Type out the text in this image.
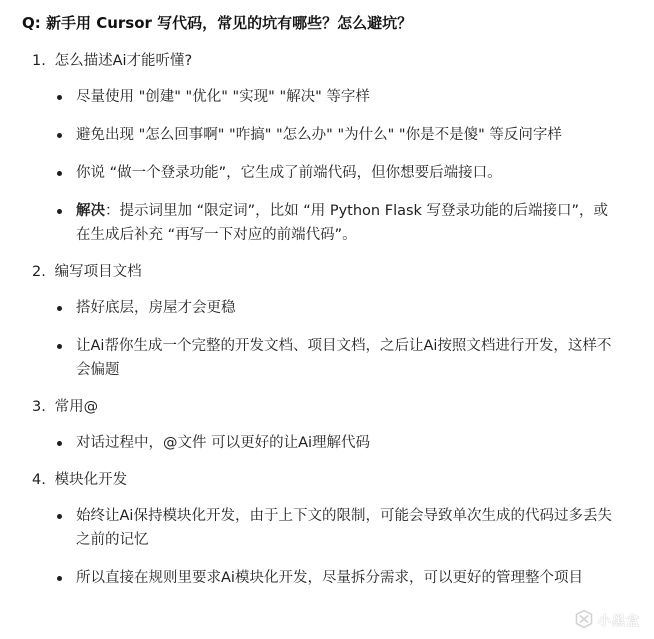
Q: 新手用 Cursor 写代码，常见的坑有哪些？怎么避坑？
1. 怎么描述Ai才能听懂?
尽量使用 "创建" "优化" "实现" "解决" 等字样
避免出现 "怎么回事啊" "咋搞" "怎么办" "为什么" "你是不是傻" 等反问字样
你说 “做一个登录功能”，它生成了前端代码，但你想要后端接口。
解决：提示词里加 “限定词”，比如 “用 Python Flask 写登录功能的后端接口”，或在生成后补充 “再写一下对应的前端代码”。
2. 编写项目文档
搭好底层，房屋才会更稳
让Ai帮你生成一个完整的开发文档、项目文档，之后让Ai按照文档进行开发，这样不会偏题
3. 常用@
对话过程中，@文件 可以更好的让Ai理解代码
4. 模块化开发
始终让Ai保持模块化开发，由于上下文的限制，可能会导致单次生成的代码过多丢失之前的记忆
所以直接在规则里要求Ai模块化开发，尽量拆分需求，可以更好的管理整个项目
小黑盒
